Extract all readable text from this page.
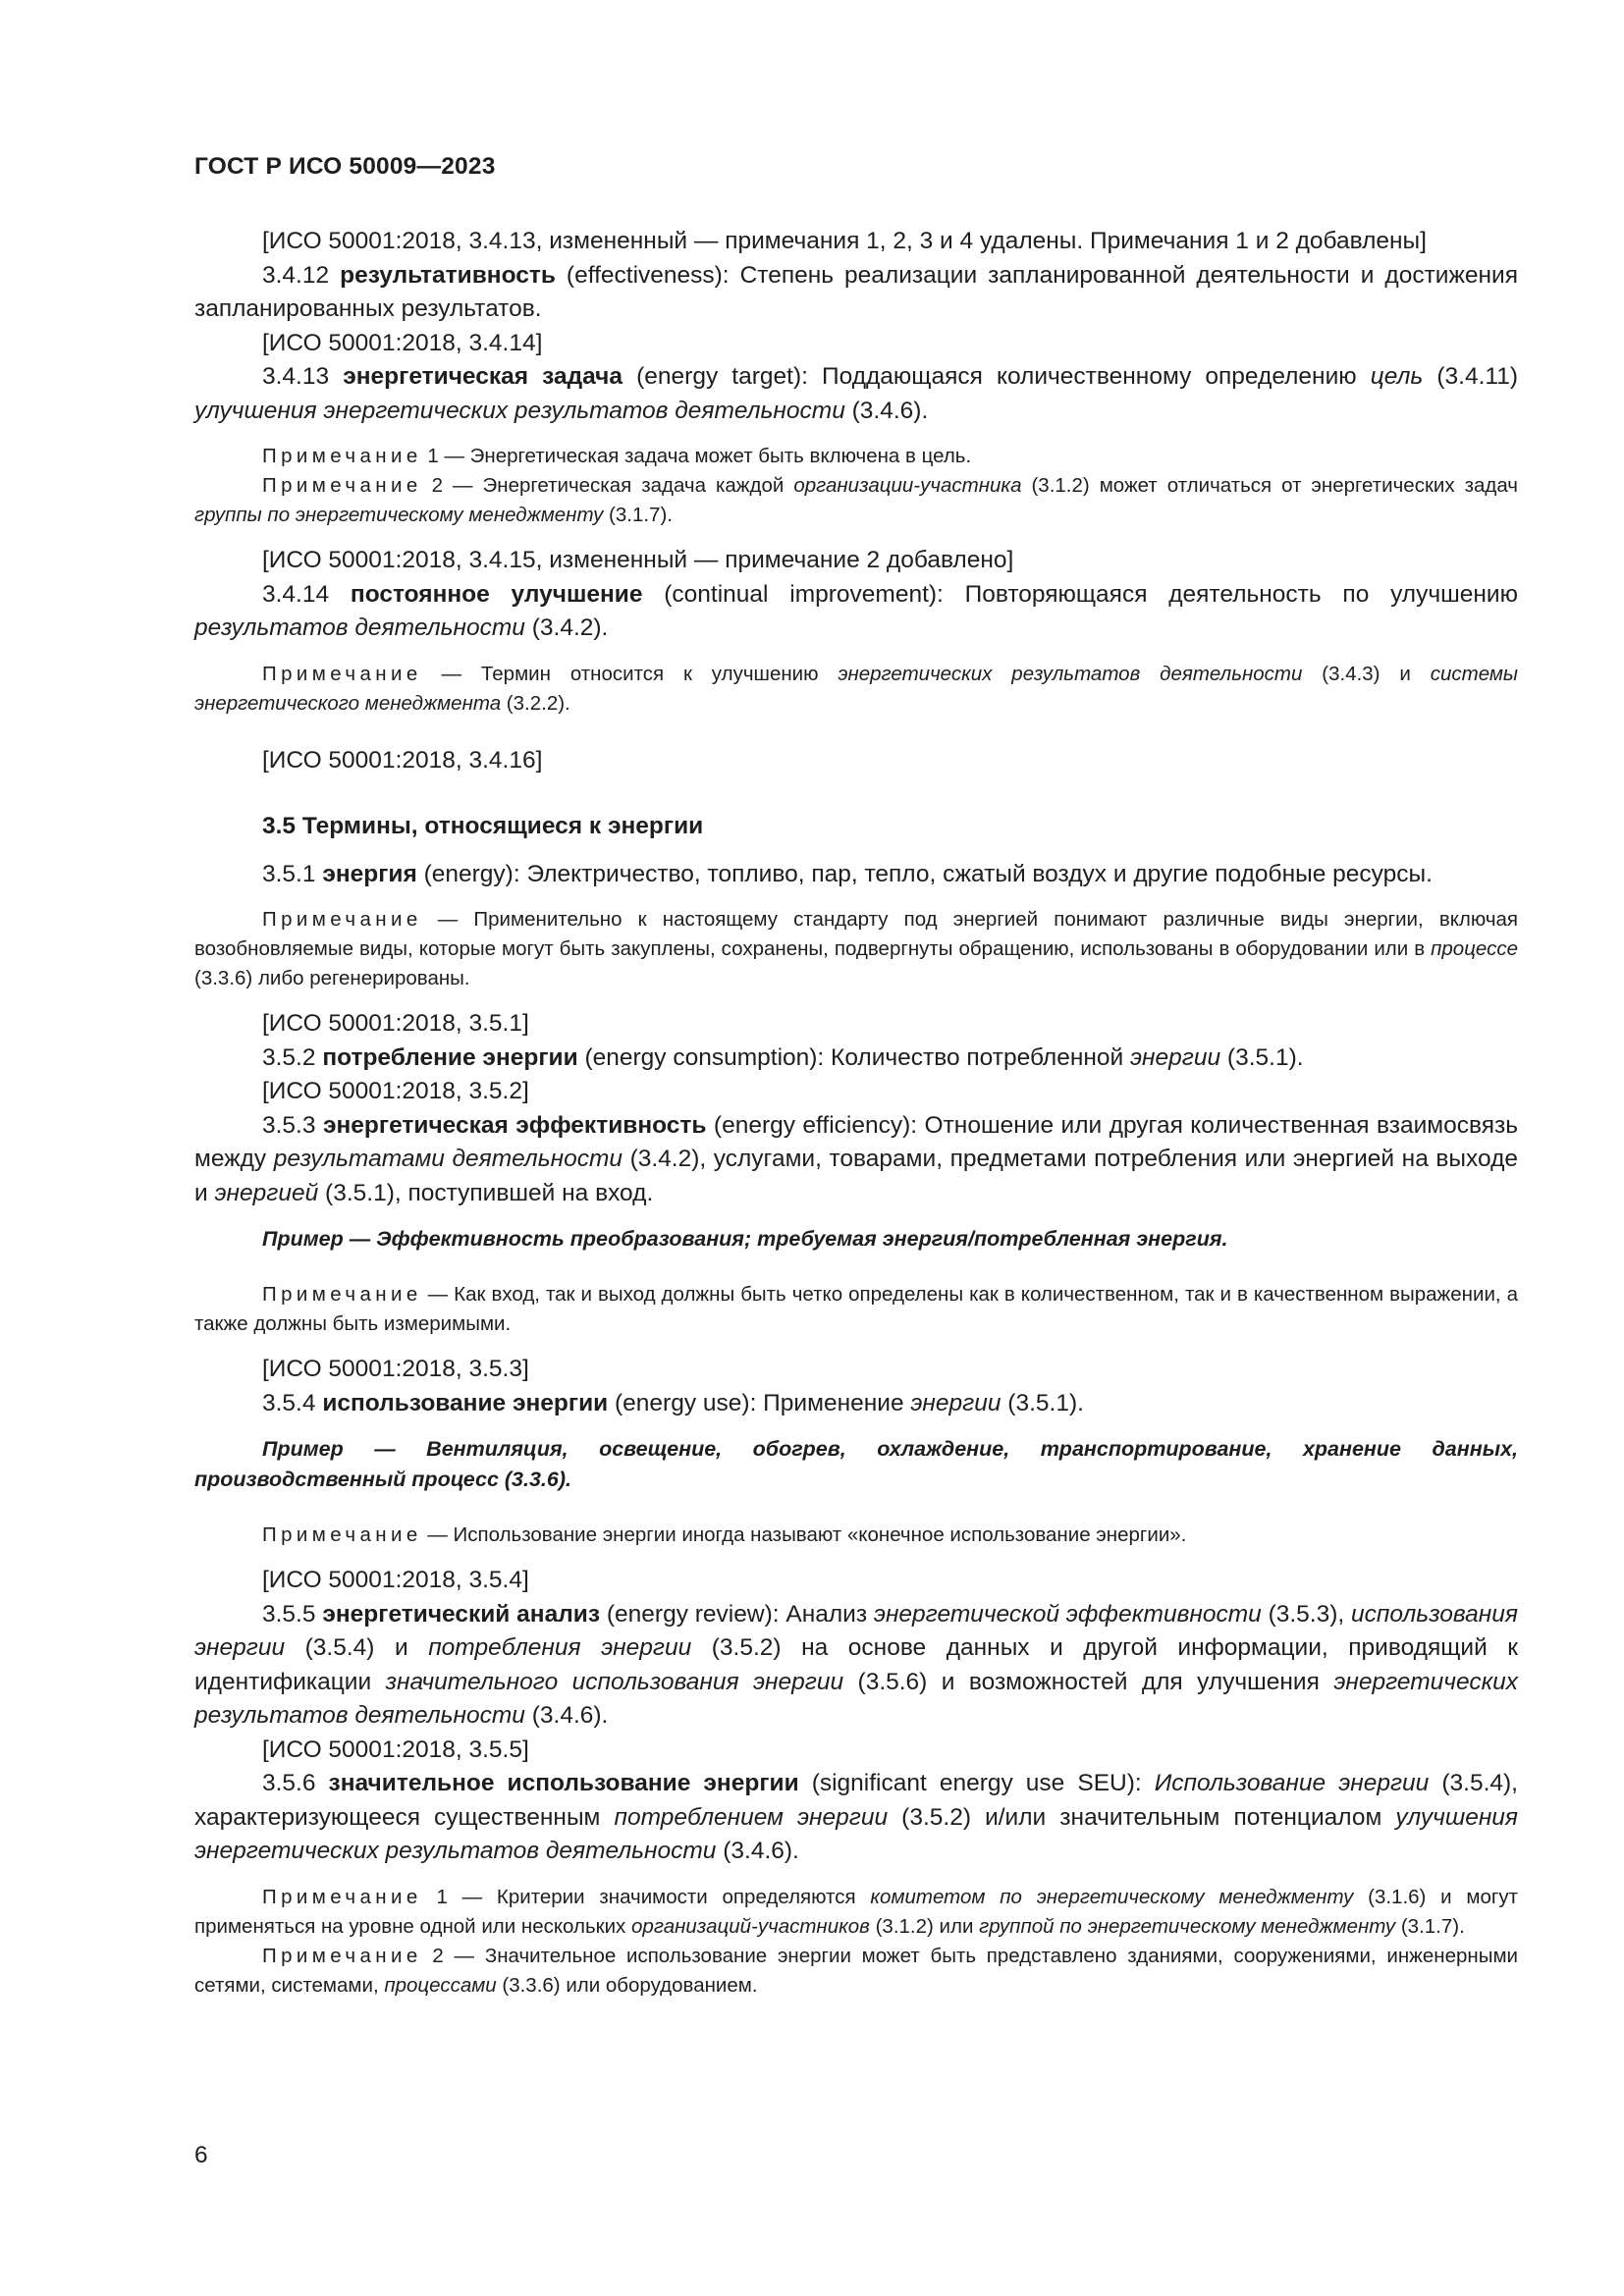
ГОСТ Р ИСО 50009—2023

[ИСО 50001:2018, 3.4.13, измененный — примечания 1, 2, 3 и 4 удалены. Примечания 1 и 2 добавлены]

3.4.12 результативность (effectiveness): Степень реализации запланированной деятельности и достижения запланированных результатов.

[ИСО 50001:2018, 3.4.14]

3.4.13 энергетическая задача (energy target): Поддающаяся количественному определению цель (3.4.11) улучшения энергетических результатов деятельности (3.4.6).

Примечание 1 — Энергетическая задача может быть включена в цель.

Примечание 2 — Энергетическая задача каждой организации-участника (3.1.2) может отличаться от энергетических задач группы по энергетическому менеджменту (3.1.7).

[ИСО 50001:2018, 3.4.15, измененный — примечание 2 добавлено]

3.4.14 постоянное улучшение (continual improvement): Повторяющаяся деятельность по улучшению результатов деятельности (3.4.2).

Примечание — Термин относится к улучшению энергетических результатов деятельности (3.4.3) и системы энергетического менеджмента (3.2.2).

[ИСО 50001:2018, 3.4.16]

3.5 Термины, относящиеся к энергии

3.5.1 энергия (energy): Электричество, топливо, пар, тепло, сжатый воздух и другие подобные ресурсы.

Примечание — Применительно к настоящему стандарту под энергией понимают различные виды энергии, включая возобновляемые виды, которые могут быть закуплены, сохранены, подвергнуты обращению, использованы в оборудовании или в процессе (3.3.6) либо регенерированы.

[ИСО 50001:2018, 3.5.1]

3.5.2 потребление энергии (energy consumption): Количество потребленной энергии (3.5.1).

[ИСО 50001:2018, 3.5.2]

3.5.3 энергетическая эффективность (energy efficiency): Отношение или другая количественная взаимосвязь между результатами деятельности (3.4.2), услугами, товарами, предметами потребления или энергией на выходе и энергией (3.5.1), поступившей на вход.

Пример — Эффективность преобразования; требуемая энергия/потребленная энергия.

Примечание — Как вход, так и выход должны быть четко определены как в количественном, так и в качественном выражении, а также должны быть измеримыми.

[ИСО 50001:2018, 3.5.3]

3.5.4 использование энергии (energy use): Применение энергии (3.5.1).

Пример — Вентиляция, освещение, обогрев, охлаждение, транспортирование, хранение данных, производственный процесс (3.3.6).

Примечание — Использование энергии иногда называют «конечное использование энергии».

[ИСО 50001:2018, 3.5.4]

3.5.5 энергетический анализ (energy review): Анализ энергетической эффективности (3.5.3), использования энергии (3.5.4) и потребления энергии (3.5.2) на основе данных и другой информации, приводящий к идентификации значительного использования энергии (3.5.6) и возможностей для улучшения энергетических результатов деятельности (3.4.6).

[ИСО 50001:2018, 3.5.5]

3.5.6 значительное использование энергии (significant energy use SEU): Использование энергии (3.5.4), характеризующееся существенным потреблением энергии (3.5.2) и/или значительным потенциалом улучшения энергетических результатов деятельности (3.4.6).

Примечание 1 — Критерии значимости определяются комитетом по энергетическому менеджменту (3.1.6) и могут применяться на уровне одной или нескольких организаций-участников (3.1.2) или группой по энергетическому менеджменту (3.1.7).

Примечание 2 — Значительное использование энергии может быть представлено зданиями, сооружениями, инженерными сетями, системами, процессами (3.3.6) или оборудованием.

6
